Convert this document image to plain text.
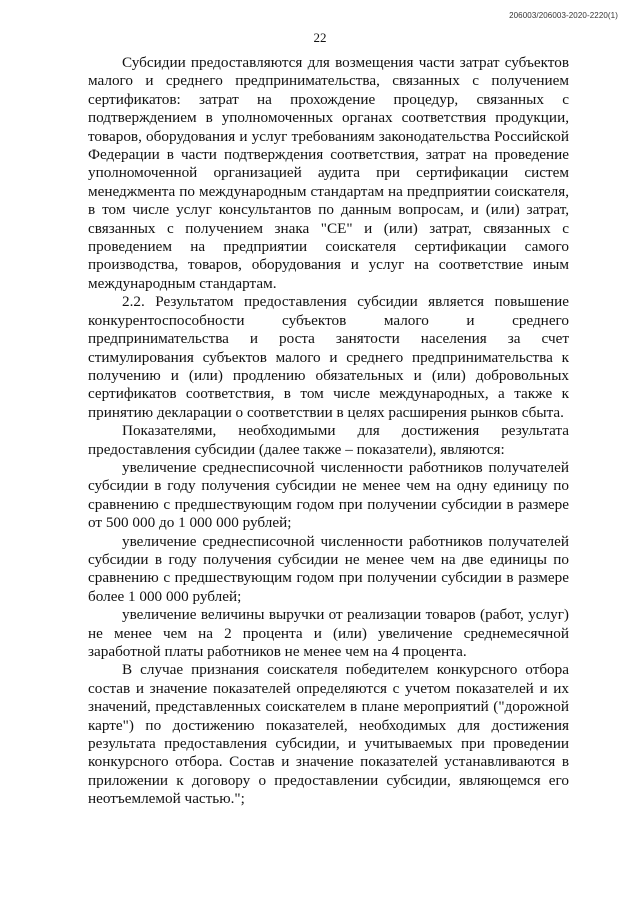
206003/206003-2020-2220(1)
22

Субсидии предоставляются для возмещения части затрат субъектов малого и среднего предпринимательства, связанных с получением сертификатов: затрат на прохождение процедур, связанных с подтверждением в уполномоченных органах соответствия продукции, товаров, оборудования и услуг требованиям законодательства Российской Федерации в части подтверждения соответствия, затрат на проведение уполномоченной организацией аудита при сертификации систем менеджмента по международным стандартам на предприятии соискателя, в том числе услуг консультантов по данным вопросам, и (или) затрат, связанных с получением знака "СЕ" и (или) затрат, связанных с проведением на предприятии соискателя сертификации самого производства, товаров, оборудования и услуг на соответствие иным международным стандартам.

2.2. Результатом предоставления субсидии является повышение конкурентоспособности субъектов малого и среднего предпринимательства и роста занятости населения за счет стимулирования субъектов малого и среднего предпринимательства к получению и (или) продлению обязательных и (или) добровольных сертификатов соответствия, в том числе международных, а также к принятию декларации о соответствии в целях расширения рынков сбыта.

Показателями, необходимыми для достижения результата предоставления субсидии (далее также – показатели), являются:

увеличение среднесписочной численности работников получателей субсидии в году получения субсидии не менее чем на одну единицу по сравнению с предшествующим годом при получении субсидии в размере от 500 000 до 1 000 000 рублей;

увеличение среднесписочной численности работников получателей субсидии в году получения субсидии не менее чем на две единицы по сравнению с предшествующим годом при получении субсидии в размере более 1 000 000 рублей;

увеличение величины выручки от реализации товаров (работ, услуг) не менее чем на 2 процента и (или) увеличение среднемесячной заработной платы работников не менее чем на 4 процента.

В случае признания соискателя победителем конкурсного отбора состав и значение показателей определяются с учетом показателей и их значений, представленных соискателем в плане мероприятий ("дорожной карте") по достижению показателей, необходимых для достижения результата предоставления субсидии, и учитываемых при проведении конкурсного отбора. Состав и значение показателей устанавливаются в приложении к договору о предоставлении субсидии, являющемся его неотъемлемой частью.";
